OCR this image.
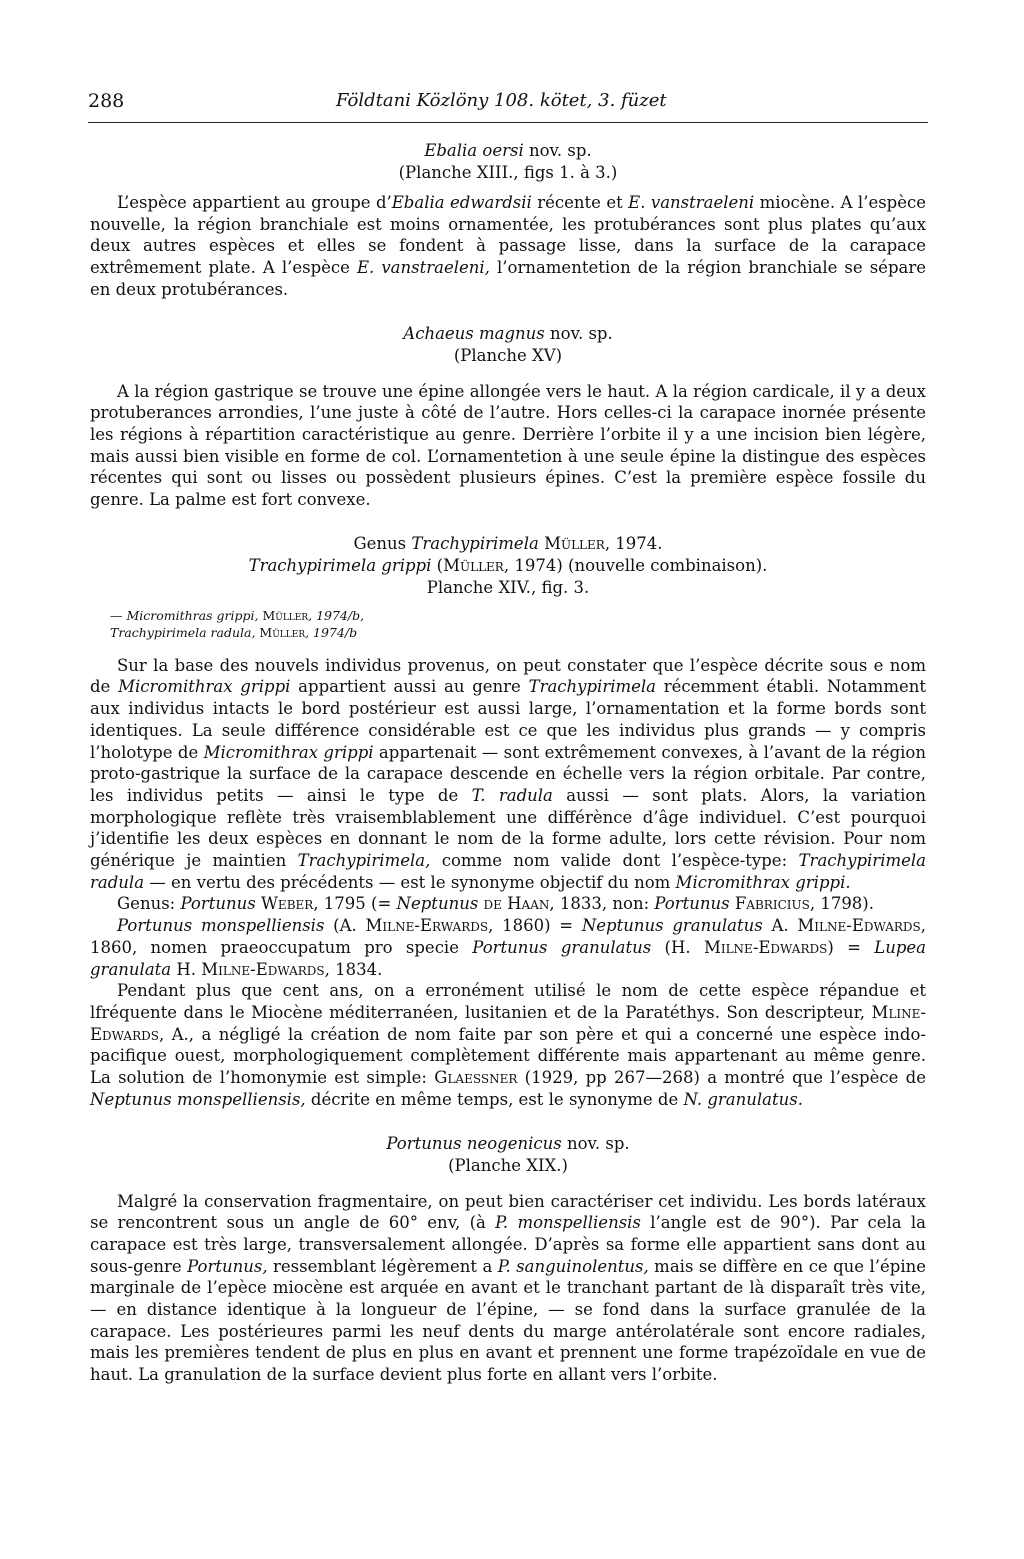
288	Földtani Közlöny 108. kötet, 3. füzet

Ebalia oersi nov. sp.

(Planche XIII., figs 1. à 3.)

L’espèce appartient au groupe d’Ebalia edwardsii récente et E. vanstraeleni miocène. A l’espèce nouvelle, la région branchiale est moins ornamentée, les protubérances sont plus plates qu’aux deux autres espèces et elles se fondent à passage lisse, dans la surface de la carapace extrêmement plate. A l’espèce E. vanstraeleni, l’ornamentetion de la région branchiale se sépare en deux protubérances.

Achaeus magnus nov. sp.

(Planche XV)

A la région gastrique se trouve une épine allongée vers le haut. A la région cardicale, il y a deux protuberances arrondies, l’une juste à côté de l’autre. Hors celles-ci la carapace inornée présente les régions à répartition caractéristique au genre. Derrière l’orbite il y a une incision bien légère, mais aussi bien visible en forme de col. L’ornamentetion à une seule épine la distingue des espèces récentes qui sont ou lisses ou possèdent plusieurs épines. C’est la première espèce fossile du genre. La palme est fort convexe.

Genus Trachypirimela Müller, 1974.

Trachypirimela grippi (Müller, 1974) (nouvelle combinaison).

Planche XIV., fig. 3.

— Micromithras grippi, Müller, 1974/b,

Trachypirimela radula, Müller, 1974/b

Sur la base des nouvels individus provenus, on peut constater que l’espèce décrite sous e nom de Micromithrax grippi appartient aussi au genre Trachypirimela récemment établi. Notamment aux individus intacts le bord postérieur est aussi large, l’ornamentation et la forme bords sont identiques. La seule différence considérable est ce que les individus plus grands — y compris l’holotype de Micromithrax grippi appartenait — sont extrêmement convexes, à l’avant de la région proto-gastrique la surface de la carapace descende en échelle vers la région orbitale. Par contre, les individus petits — ainsi le type de T. radula aussi — sont plats. Alors, la variation morphologique reflète très vraisemblablement une différènce d’âge individuel. C’est pourquoi j’identifie les deux espèces en donnant le nom de la forme adulte, lors cette révision. Pour nom générique je maintien Trachypirimela, comme nom valide dont l’espèce-type: Trachypirimela radula — en vertu des précédents — est le synonyme objectif du nom Micromithrax grippi.

Genus: Portunus Weber, 1795 (= Neptunus de Haan, 1833, non: Portunus Fabricius, 1798).

Portunus monspelliensis (A. Milne-Erwards, 1860) = Neptunus granulatus A. Milne-Edwards, 1860, nomen praeoccupatum pro specie Portunus granulatus (H. Milne-Edwards) = Lupea granulata H. Milne-Edwards, 1834.

Pendant plus que cent ans, on a erronément utilisé le nom de cette espèce répandue et lfréquente dans le Miocène méditerranéen, lusitanien et de la Paratéthys. Son descripteur, Mline-Edwards, A., a négligé la création de nom faite par son père et qui a concerné une espèce indo-pacifique ouest, morphologiquement complètement différente mais appartenant au même genre. La solution de l’homonymie est simple: Glaessner (1929, pp 267—268) a montré que l’espèce de Neptunus monspelliensis, décrite en même temps, est le synonyme de N. granulatus.

Portunus neogenicus nov. sp.

(Planche XIX.)

Malgré la conservation fragmentaire, on peut bien caractériser cet individu. Les bords latéraux se rencontrent sous un angle de 60° env, (à P. monspelliensis l’angle est de 90°). Par cela la carapace est très large, transversalement allongée. D’après sa forme elle appartient sans dont au sous-genre Portunus, ressemblant légèrement a P. sanguinolentus, mais se diffère en ce que l’épine marginale de l’epèce miocène est arquée en avant et le tranchant partant de là disparaît très vite, — en distance identique à la longueur de l’épine, — se fond dans la surface granulée de la carapace. Les postérieures parmi les neuf dents du marge antérolatérale sont encore radiales, mais les premières tendent de plus en plus en avant et prennent une forme trapézoïdale en vue de haut. La granulation de la surface devient plus forte en allant vers l’orbite.
